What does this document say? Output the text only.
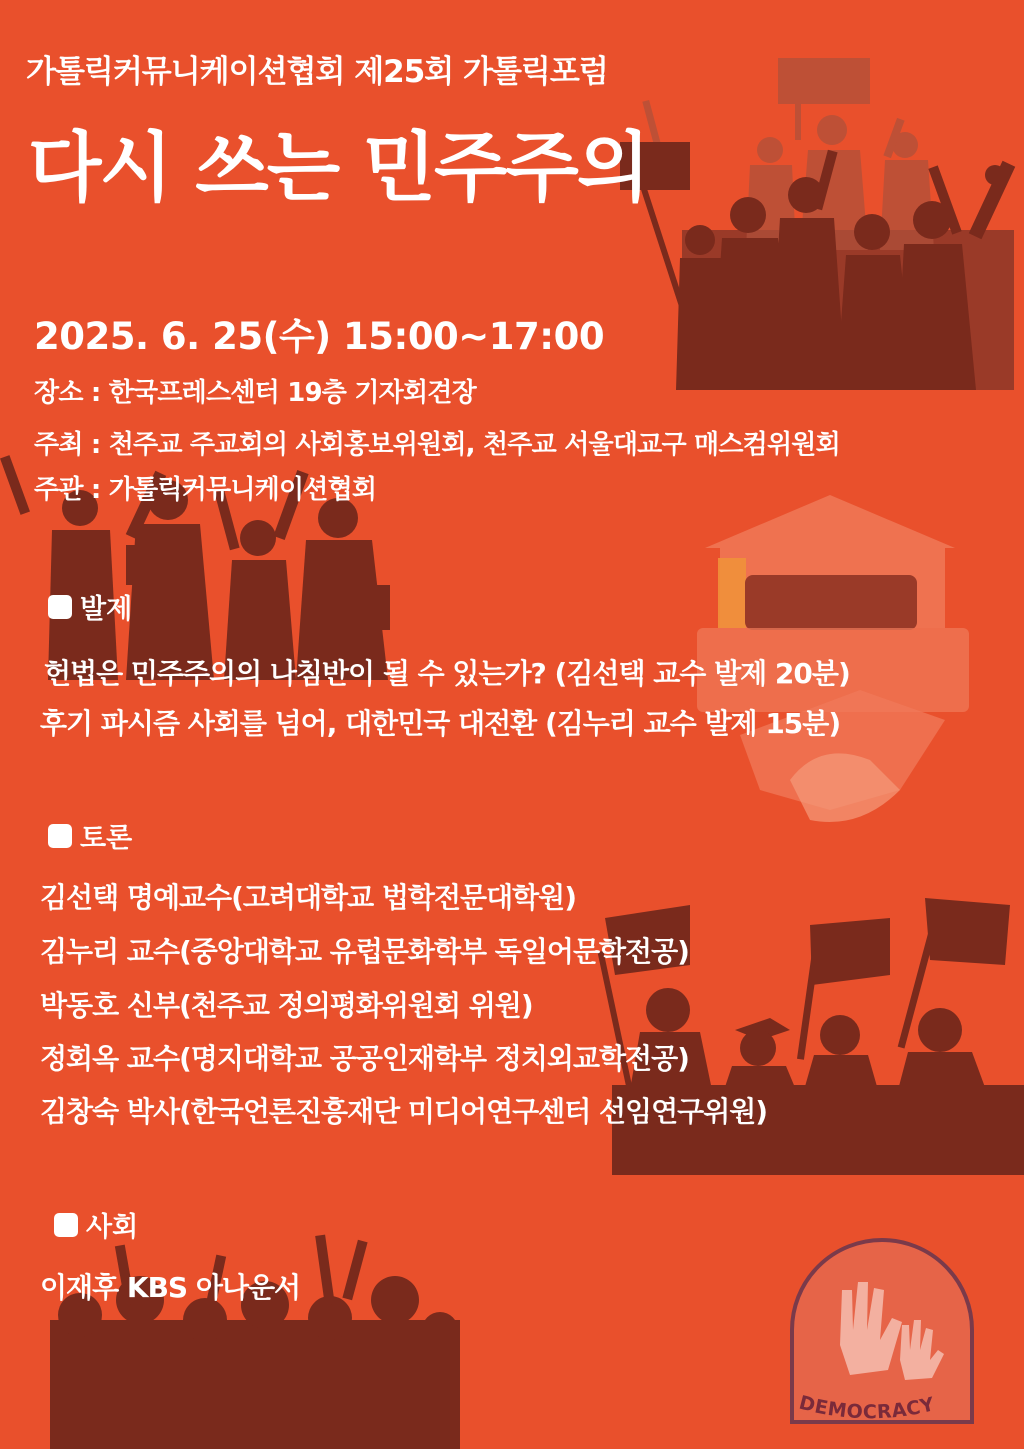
가톨릭커뮤니케이션협회 제25회 가톨릭포럼
다시 쓰는 민주주의
2025. 6. 25(수) 15:00~17:00
장소 : 한국프레스센터 19층 기자회견장
주최 : 천주교 주교회의 사회홍보위원회, 천주교 서울대교구 매스컴위원회
주관 : 가톨릭커뮤니케이션협회
발제
헌법은 민주주의의 나침반이 될 수 있는가? (김선택 교수 발제 20분)
후기 파시즘 사회를 넘어, 대한민국 대전환 (김누리 교수 발제 15분)
토론
김선택 명예교수(고려대학교 법학전문대학원)
김누리 교수(중앙대학교 유럽문화학부 독일어문학전공)
박동호 신부(천주교 정의평화위원회 위원)
정회옥 교수(명지대학교 공공인재학부 정치외교학전공)
김창숙 박사(한국언론진흥재단 미디어연구센터 선임연구위원)
사회
이재후 KBS 아나운서
DEMOCRACY
